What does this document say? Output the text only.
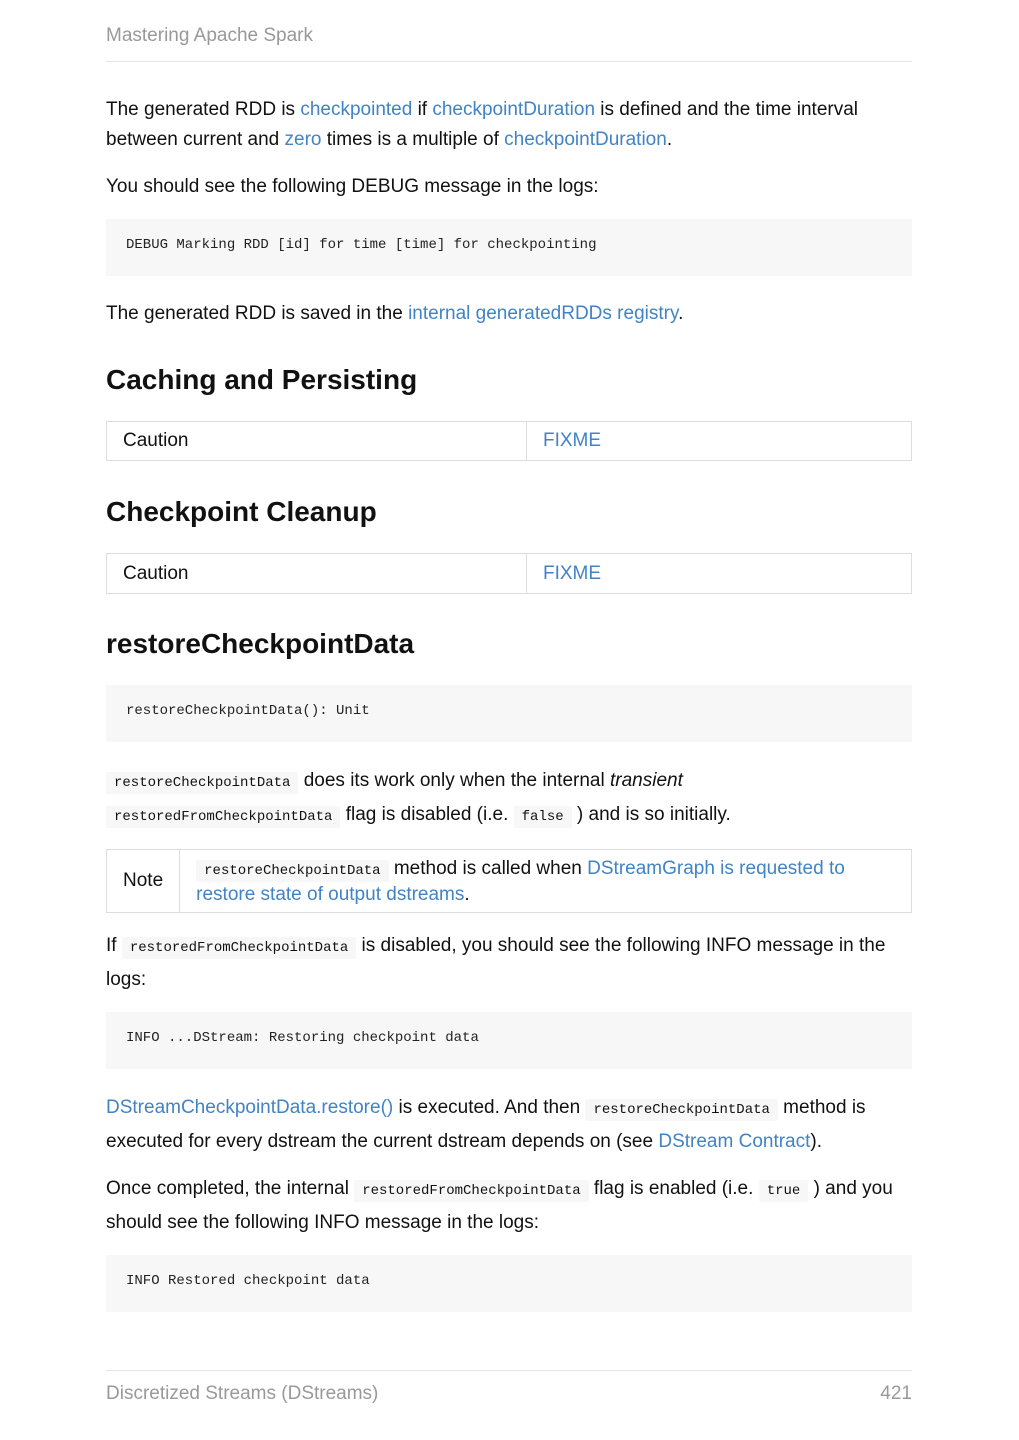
Mastering Apache Spark

The generated RDD is checkpointed if checkpointDuration is defined and the time interval between current and zero times is a multiple of checkpointDuration.

You should see the following DEBUG message in the logs:

DEBUG Marking RDD [id] for time [time] for checkpointing

The generated RDD is saved in the internal generatedRDDs registry.

Caching and Persisting
Caution	FIXME
Checkpoint Cleanup
Caution	FIXME
restoreCheckpointData
restoreCheckpointData(): Unit

restoreCheckpointData does its work only when the internal transient
restoredFromCheckpointData flag is disabled (i.e. false ) and is so initially.

Note	restoreCheckpointData method is called when DStreamGraph is requested to restore state of output dstreams.

If restoredFromCheckpointData is disabled, you should see the following INFO message in the logs:

INFO ...DStream: Restoring checkpoint data

DStreamCheckpointData.restore() is executed. And then restoreCheckpointData method is executed for every dstream the current dstream depends on (see DStream Contract).

Once completed, the internal restoredFromCheckpointData flag is enabled (i.e. true ) and you should see the following INFO message in the logs:

INFO Restored checkpoint data
Discretized Streams (DStreams)	421
